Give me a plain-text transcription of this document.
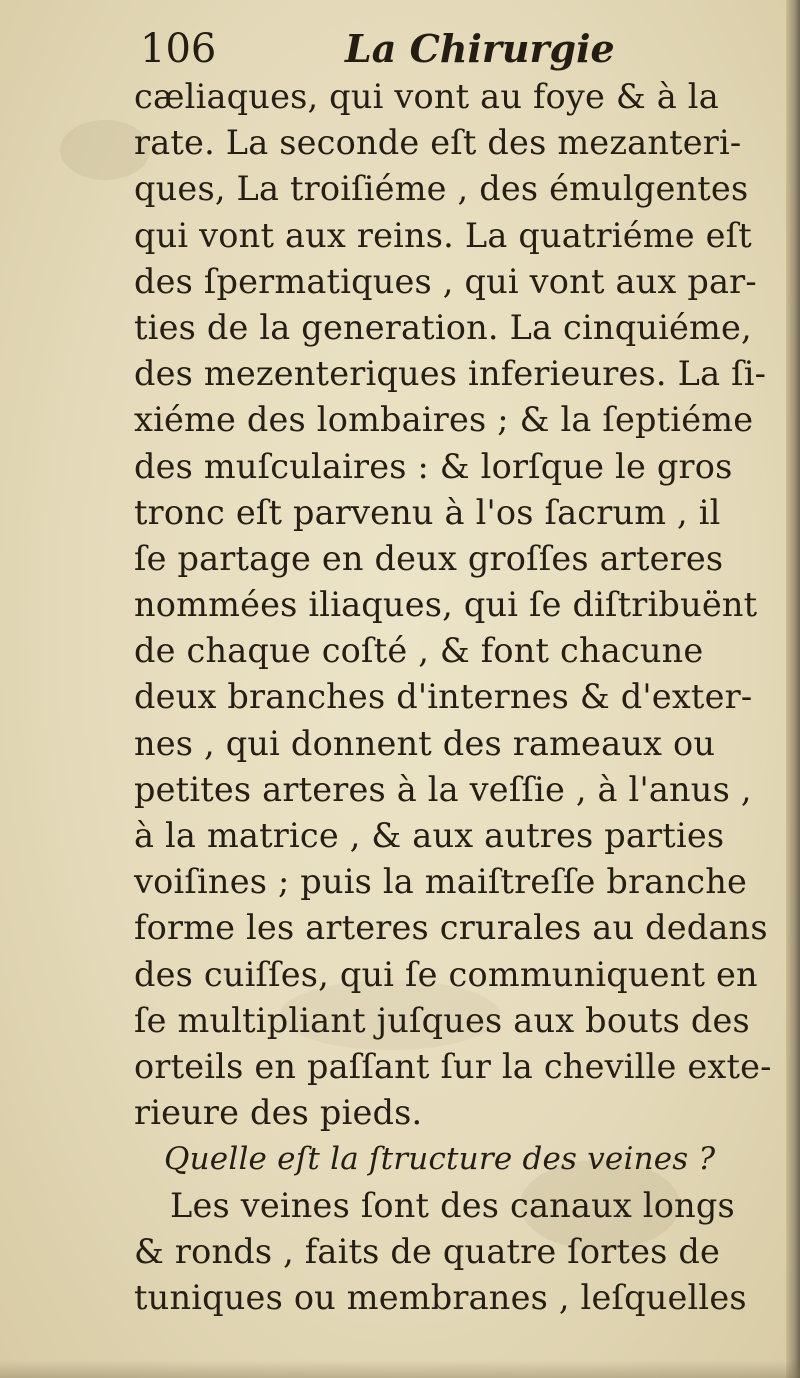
106	La Chirurgie
cæliaques, qui vont au foye & à la
rate. La seconde eſt des mezanteri-
ques, La troiſiéme , des émulgentes
qui vont aux reins. La quatriéme eſt
des ſpermatiques , qui vont aux par-
ties de la generation. La cinquiéme,
des mezenteriques inferieures. La ſi-
xiéme des lombaires ; & la ſeptiéme
des muſculaires : & lorſque le gros
tronc eſt parvenu à l'os ſacrum , il
ſe partage en deux groſſes arteres
nommées iliaques, qui ſe diſtribuënt
de chaque coſté , & font chacune
deux branches d'internes & d'exter-
nes , qui donnent des rameaux ou
petites arteres à la veſſie , à l'anus ,
à la matrice , & aux autres parties
voiſines ; puis la maiſtreſſe branche
forme les arteres crurales au dedans
des cuiſſes, qui ſe communiquent en
ſe multipliant juſques aux bouts des
orteils en paſſant ſur la cheville exte-
rieure des pieds.
Quelle eſt la ſtructure des veines ?
Les veines ſont des canaux longs
& ronds , faits de quatre ſortes de
tuniques ou membranes , leſquelles
